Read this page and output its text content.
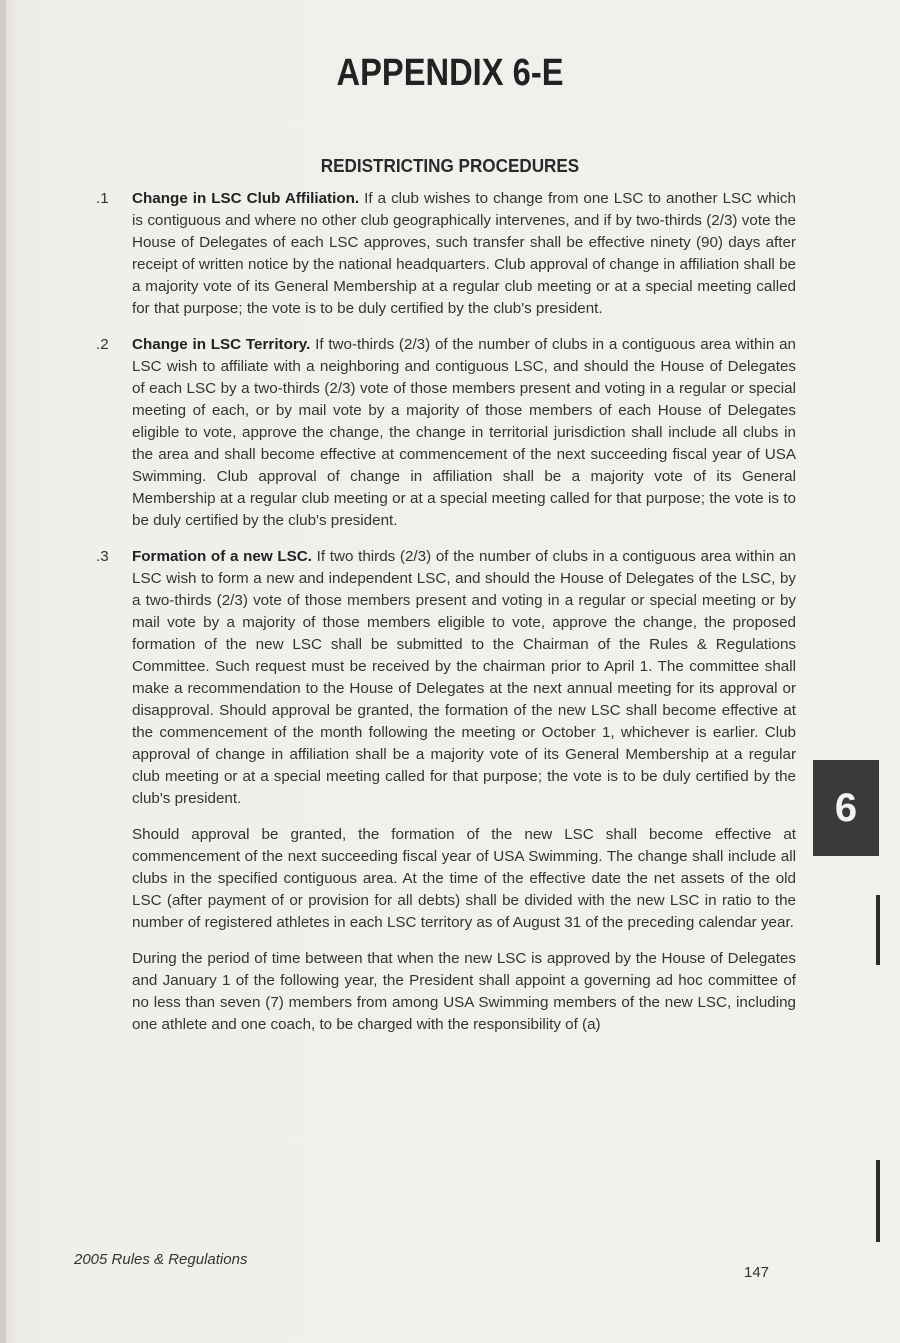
APPENDIX 6-E
REDISTRICTING PROCEDURES
.1	Change in LSC Club Affiliation. If a club wishes to change from one LSC to another LSC which is contiguous and where no other club geographically intervenes, and if by two-thirds (2/3) vote the House of Delegates of each LSC approves, such transfer shall be effective ninety (90) days after receipt of written notice by the national headquarters. Club approval of change in affiliation shall be a majority vote of its General Membership at a regular club meeting or at a special meeting called for that purpose; the vote is to be duly certified by the club's president.
.2	Change in LSC Territory. If two-thirds (2/3) of the number of clubs in a contiguous area within an LSC wish to affiliate with a neighboring and contiguous LSC, and should the House of Delegates of each LSC by a two-thirds (2/3) vote of those members present and voting in a regular or special meeting of each, or by mail vote by a majority of those members of each House of Delegates eligible to vote, approve the change, the change in territorial jurisdiction shall include all clubs in the area and shall become effective at commencement of the next succeeding fiscal year of USA Swimming. Club approval of change in affiliation shall be a majority vote of its General Membership at a regular club meeting or at a special meeting called for that purpose; the vote is to be duly certified by the club's president.
.3	Formation of a new LSC. If two thirds (2/3) of the number of clubs in a contiguous area within an LSC wish to form a new and independent LSC, and should the House of Delegates of the LSC, by a two-thirds (2/3) vote of those members present and voting in a regular or special meeting or by mail vote by a majority of those members eligible to vote, approve the change, the proposed formation of the new LSC shall be submitted to the Chairman of the Rules & Regulations Committee. Such request must be received by the chairman prior to April 1. The committee shall make a recommendation to the House of Delegates at the next annual meeting for its approval or disapproval. Should approval be granted, the formation of the new LSC shall become effective at the commencement of the month following the meeting or October 1, whichever is earlier. Club approval of change in affiliation shall be a majority vote of its General Membership at a regular club meeting or at a special meeting called for that purpose; the vote is to be duly certified by the club's president.
Should approval be granted, the formation of the new LSC shall become effective at commencement of the next succeeding fiscal year of USA Swimming. The change shall include all clubs in the specified contiguous area. At the time of the effective date the net assets of the old LSC (after payment of or provision for all debts) shall be divided with the new LSC in ratio to the number of registered athletes in each LSC territory as of August 31 of the preceding calendar year.
During the period of time between that when the new LSC is approved by the House of Delegates and January 1 of the following year, the President shall appoint a governing ad hoc committee of no less than seven (7) members from among USA Swimming members of the new LSC, including one athlete and one coach, to be charged with the responsibility of (a)
6
2005 Rules & Regulations
147
